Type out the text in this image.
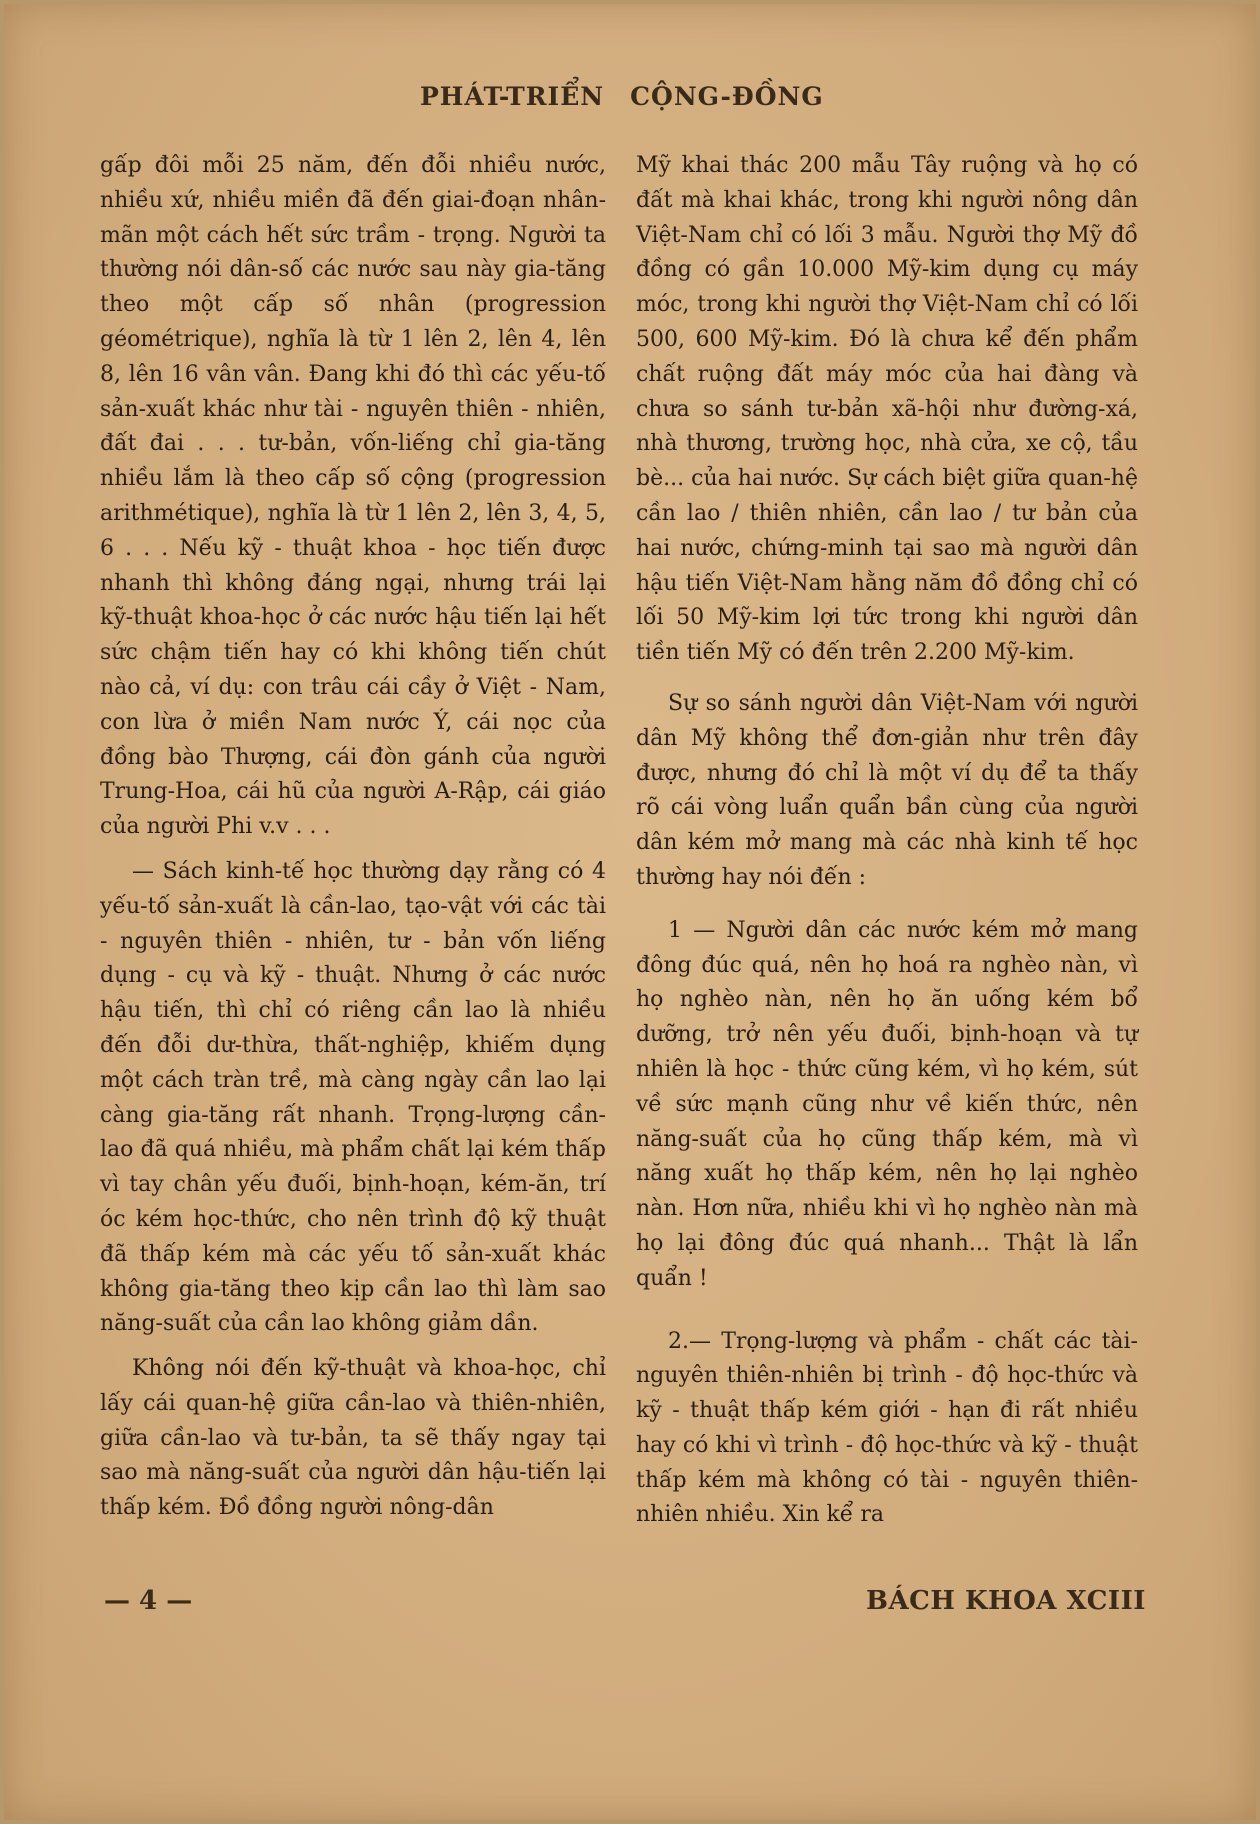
PHÁT-TRIỂN CỘNG-ĐỒNG

gấp đôi mỗi 25 năm, đến đỗi nhiều nước, nhiều xứ, nhiều miền đã đến giai-đoạn nhân-mãn một cách hết sức trầm - trọng. Người ta thường nói dân-số các nước sau này gia-tăng theo một cấp số nhân (progression géométrique), nghĩa là từ 1 lên 2, lên 4, lên 8, lên 16 vân vân. Đang khi đó thì các yếu-tố sản-xuất khác như tài - nguyên thiên - nhiên, đất đai . . . tư-bản, vốn-liếng chỉ gia-tăng nhiều lắm là theo cấp số cộng (progression arithmétique), nghĩa là từ 1 lên 2, lên 3, 4, 5, 6 . . . Nếu kỹ - thuật khoa - học tiến được nhanh thì không đáng ngại, nhưng trái lại kỹ-thuật khoa-học ở các nước hậu tiến lại hết sức chậm tiến hay có khi không tiến chút nào cả, ví dụ: con trâu cái cầy ở Việt - Nam, con lừa ở miền Nam nước Ý, cái nọc của đồng bào Thượng, cái đòn gánh của người Trung-Hoa, cái hũ của người A-Rập, cái giáo của người Phi v.v . . .

— Sách kinh-tế học thường dạy rằng có 4 yếu-tố sản-xuất là cần-lao, tạo-vật với các tài - nguyên thiên - nhiên, tư - bản vốn liếng dụng - cụ và kỹ - thuật. Nhưng ở các nước hậu tiến, thì chỉ có riêng cần lao là nhiều đến đỗi dư-thừa, thất-nghiệp, khiếm dụng một cách tràn trề, mà càng ngày cần lao lại càng gia-tăng rất nhanh. Trọng-lượng cần-lao đã quá nhiều, mà phẩm chất lại kém thấp vì tay chân yếu đuối, bịnh-hoạn, kém-ăn, trí óc kém học-thức, cho nên trình độ kỹ thuật đã thấp kém mà các yếu tố sản-xuất khác không gia-tăng theo kịp cần lao thì làm sao năng-suất của cần lao không giảm dần.

Không nói đến kỹ-thuật và khoa-học, chỉ lấy cái quan-hệ giữa cần-lao và thiên-nhiên, giữa cần-lao và tư-bản, ta sẽ thấy ngay tại sao mà năng-suất của người dân hậu-tiến lại thấp kém. Đồ đồng người nông-dân

Mỹ khai thác 200 mẫu Tây ruộng và họ có đất mà khai khác, trong khi người nông dân Việt-Nam chỉ có lối 3 mẫu. Người thợ Mỹ đồ đồng có gần 10.000 Mỹ-kim dụng cụ máy móc, trong khi người thợ Việt-Nam chỉ có lối 500, 600 Mỹ-kim. Đó là chưa kể đến phẩm chất ruộng đất máy móc của hai đàng và chưa so sánh tư-bản xã-hội như đường-xá, nhà thương, trường học, nhà cửa, xe cộ, tầu bè... của hai nước. Sự cách biệt giữa quan-hệ cần lao / thiên nhiên, cần lao / tư bản của hai nước, chứng-minh tại sao mà người dân hậu tiến Việt-Nam hằng năm đồ đồng chỉ có lối 50 Mỹ-kim lợi tức trong khi người dân tiền tiến Mỹ có đến trên 2.200 Mỹ-kim.

Sự so sánh người dân Việt-Nam với người dân Mỹ không thể đơn-giản như trên đây được, nhưng đó chỉ là một ví dụ để ta thấy rõ cái vòng luẩn quẩn bần cùng của người dân kém mở mang mà các nhà kinh tế học thường hay nói đến :

1 — Người dân các nước kém mở mang đông đúc quá, nên họ hoá ra nghèo nàn, vì họ nghèo nàn, nên họ ăn uống kém bổ dưỡng, trở nên yếu đuối, bịnh-hoạn và tự nhiên là học - thức cũng kém, vì họ kém, sút về sức mạnh cũng như về kiến thức, nên năng-suất của họ cũng thấp kém, mà vì năng xuất họ thấp kém, nên họ lại nghèo nàn. Hơn nữa, nhiều khi vì họ nghèo nàn mà họ lại đông đúc quá nhanh... Thật là lẩn quẩn !

2.— Trọng-lượng và phẩm - chất các tài-nguyên thiên-nhiên bị trình - độ học-thức và kỹ - thuật thấp kém giới - hạn đi rất nhiều hay có khi vì trình - độ học-thức và kỹ - thuật thấp kém mà không có tài - nguyên thiên-nhiên nhiều. Xin kể ra

— 4 —	BÁCH KHOA XCIII
